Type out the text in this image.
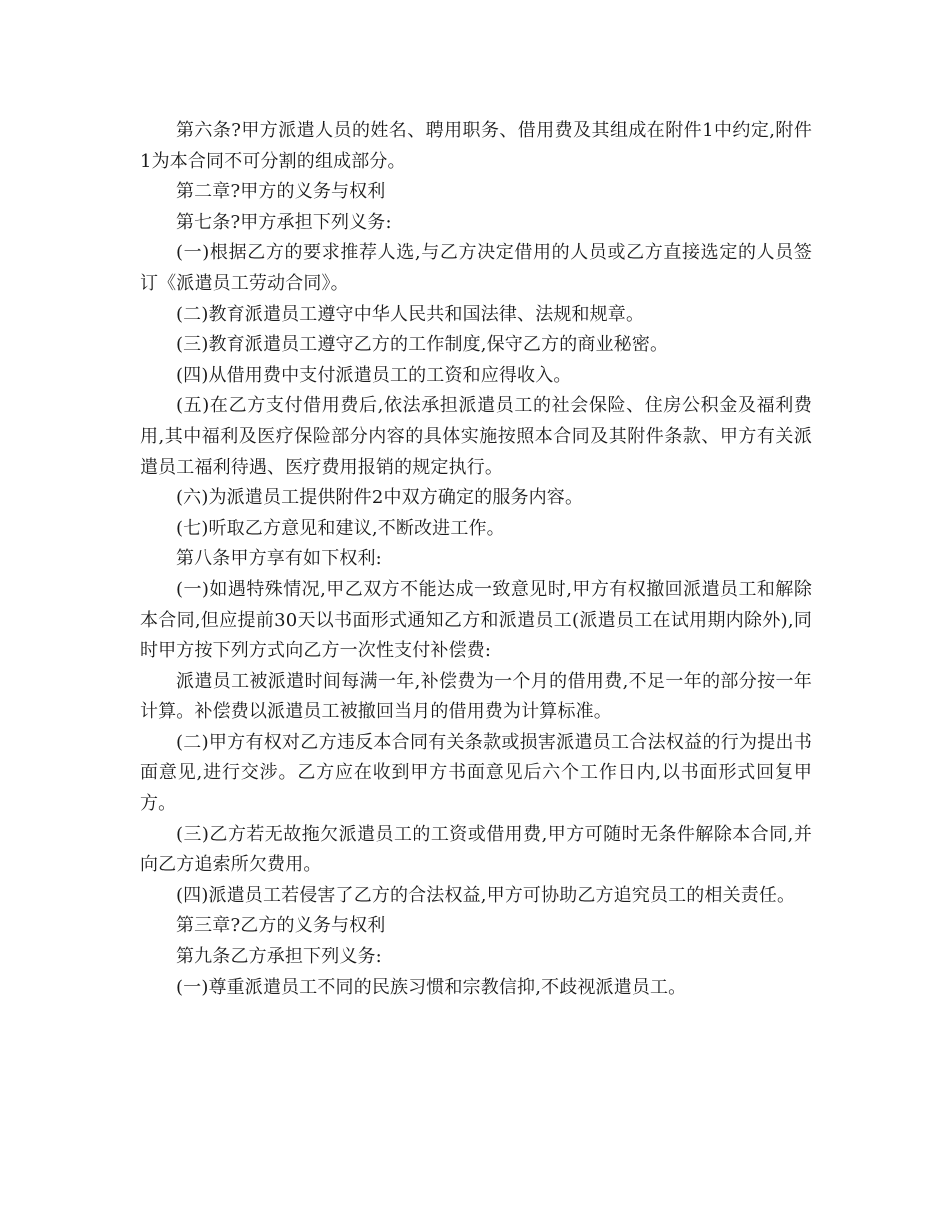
第六条?甲方派遣人员的姓名、聘用职务、借用费及其组成在附件1中约定,附件1为本合同不可分割的组成部分。

第二章?甲方的义务与权利

第七条?甲方承担下列义务:

(一)根据乙方的要求推荐人选,与乙方决定借用的人员或乙方直接选定的人员签订《派遣员工劳动合同》。

(二)教育派遣员工遵守中华人民共和国法律、法规和规章。

(三)教育派遣员工遵守乙方的工作制度,保守乙方的商业秘密。

(四)从借用费中支付派遣员工的工资和应得收入。

(五)在乙方支付借用费后,依法承担派遣员工的社会保险、住房公积金及福利费用,其中福利及医疗保险部分内容的具体实施按照本合同及其附件条款、甲方有关派遣员工福利待遇、医疗费用报销的规定执行。

(六)为派遣员工提供附件2中双方确定的服务内容。

(七)听取乙方意见和建议,不断改进工作。

第八条甲方享有如下权利:

(一)如遇特殊情况,甲乙双方不能达成一致意见时,甲方有权撤回派遣员工和解除本合同,但应提前30天以书面形式通知乙方和派遣员工(派遣员工在试用期内除外),同时甲方按下列方式向乙方一次性支付补偿费:

派遣员工被派遣时间每满一年,补偿费为一个月的借用费,不足一年的部分按一年计算。补偿费以派遣员工被撤回当月的借用费为计算标准。

(二)甲方有权对乙方违反本合同有关条款或损害派遣员工合法权益的行为提出书面意见,进行交涉。乙方应在收到甲方书面意见后六个工作日内,以书面形式回复甲方。

(三)乙方若无故拖欠派遣员工的工资或借用费,甲方可随时无条件解除本合同,并向乙方追索所欠费用。

(四)派遣员工若侵害了乙方的合法权益,甲方可协助乙方追究员工的相关责任。

第三章?乙方的义务与权利

第九条乙方承担下列义务:

(一)尊重派遣员工不同的民族习惯和宗教信抑,不歧视派遣员工。
